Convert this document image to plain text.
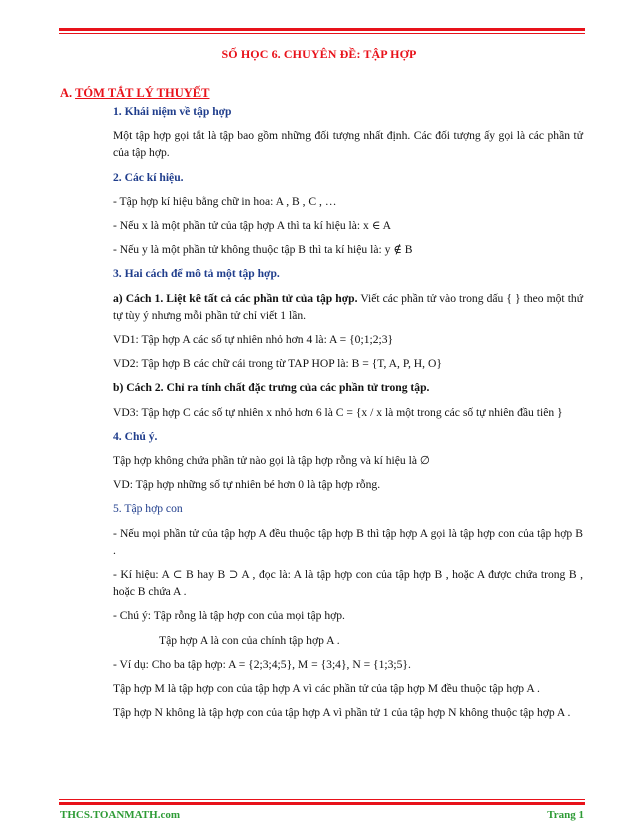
SỐ HỌC 6. CHUYÊN ĐỀ: TẬP HỢP
A. TÓM TẮT LÝ THUYẾT
1. Khái niệm về tập hợp

Một tập hợp gọi tắt là tập bao gồm những đối tượng nhất định. Các đối tượng ấy gọi là các phần tử của tập hợp.

2. Các kí hiệu.

- Tập hợp kí hiệu bằng chữ in hoa: A , B , C , …

- Nếu x là một phần tử của tập hợp A thì ta kí hiệu là: x ∈ A

- Nếu y là một phần tử không thuộc tập B thì ta kí hiệu là: y ∉ B

3. Hai cách để mô tả một tập hợp.

a) Cách 1. Liệt kê tất cả các phần tử của tập hợp. Viết các phần tử vào trong dấu { } theo một thứ tự tùy ý nhưng mỗi phần tử chỉ viết 1 lần.

VD1: Tập hợp A các số tự nhiên nhỏ hơn 4 là: A = {0;1;2;3}

VD2: Tập hợp B các chữ cái trong từ TAP HOP là: B = {T, A, P, H, O}

b) Cách 2. Chỉ ra tính chất đặc trưng của các phần tử trong tập.

VD3: Tập hợp C các số tự nhiên x nhỏ hơn 6 là C = {x / x là một trong các số tự nhiên đầu tiên }

4. Chú ý.

Tập hợp không chứa phần tử nào gọi là tập hợp rỗng và kí hiệu là ∅

VD: Tập hợp những số tự nhiên bé hơn 0 là tập hợp rỗng.

5. Tập hợp con

- Nếu mọi phần tử của tập hợp A đều thuộc tập hợp B thì tập hợp A gọi là tập hợp con của tập hợp B .

- Kí hiệu: A ⊂ B hay B ⊃ A , đọc là: A là tập hợp con của tập hợp B , hoặc A được chứa trong B , hoặc B chứa A .

- Chú ý: Tập rỗng là tập hợp con của mọi tập hợp.

Tập hợp A là con của chính tập hợp A .

- Ví dụ: Cho ba tập hợp: A = {2;3;4;5}, M = {3;4}, N = {1;3;5}.

Tập hợp M là tập hợp con của tập hợp A vì các phần tử của tập hợp M đều thuộc tập hợp A .

Tập hợp N không là tập hợp con của tập hợp A vì phần tử 1 của tập hợp N không thuộc tập hợp A .

THCS.TOANMATH.com	Trang 1
